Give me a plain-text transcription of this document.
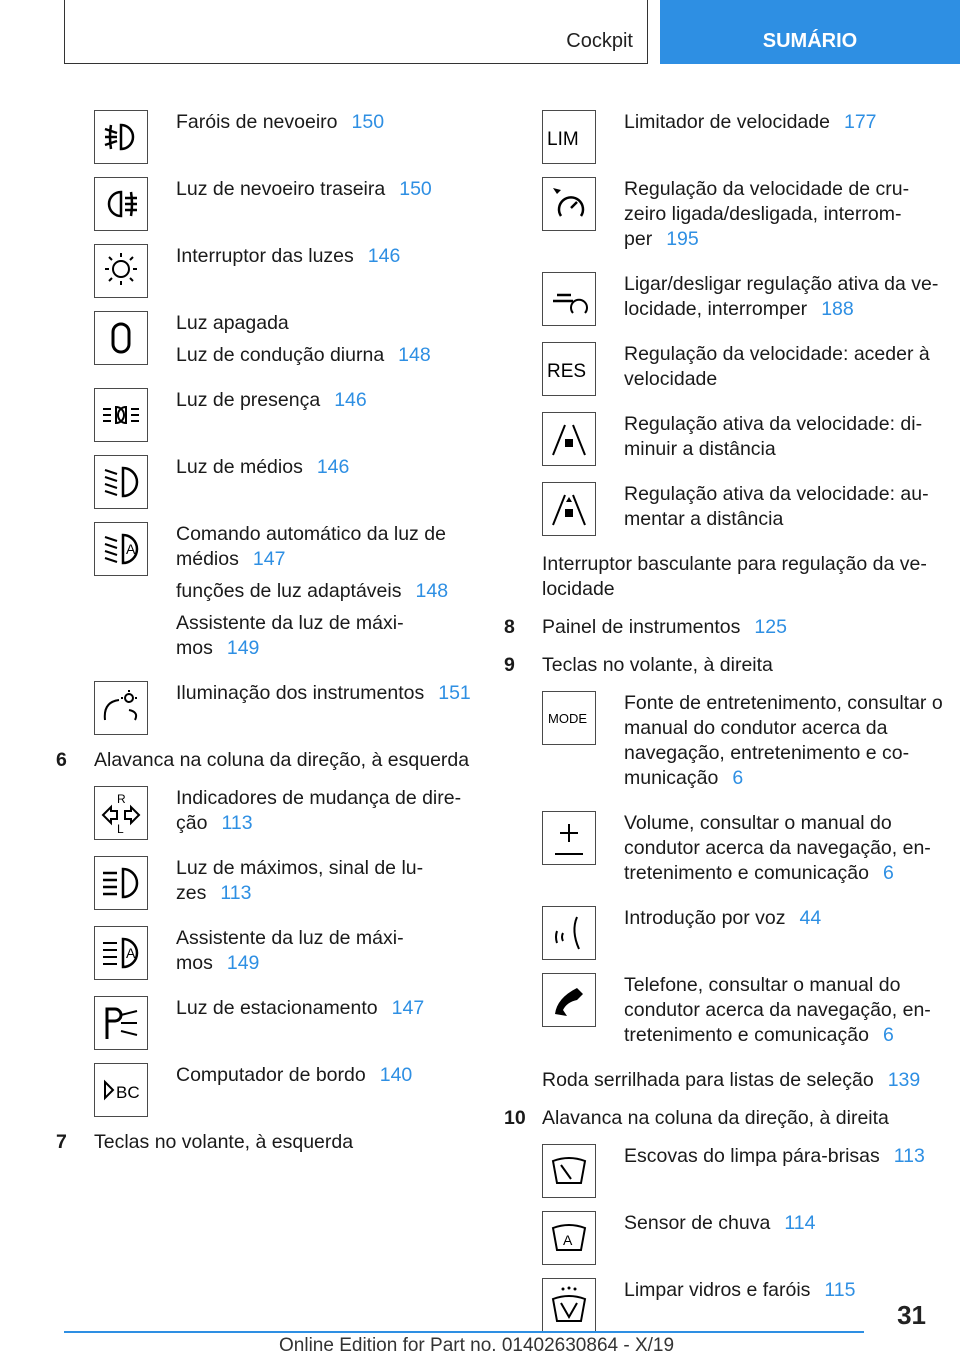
Cockpit	SUMÁRIO

Faróis de nevoeiro 150

Luz de nevoeiro traseira 150

Interruptor das luzes 146

Luz apagada

Luz de condução diurna 148

Luz de presença 146

Luz de médios 146

A

Comando automático da luz de médios 147

funções de luz adaptáveis 148

Assistente da luz de máxi-mos 149

Iluminação dos instrumentos 151

6	Alavanca na coluna da direção, à esquerda
R
L

Indicadores de mudança de dire-ção 113

Luz de máximos, sinal de lu-zes 113

A

Assistente da luz de máxi-mos 149

Luz de estacionamento 147

BC

Computador de bordo 140

7	Teclas no volante, à esquerda
LIM

Limitador de velocidade 177

Regulação da velocidade de cru-zeiro ligada/desligada, interrom-per 195

Ligar/desligar regulação ativa da ve-locidade, interromper 188

RES

Regulação da velocidade: aceder à velocidade

Regulação ativa da velocidade: di-minuir a distância

Regulação ativa da velocidade: au-mentar a distância

Interruptor basculante para regulação da ve-locidade
8	Painel de instrumentos 125
9	Teclas no volante, à direita
MODE

Fonte de entretenimento, consultar o manual do condutor acerca da navegação, entretenimento e co-municação 6

Volume, consultar o manual do condutor acerca da navegação, en-tretenimento e comunicação 6

Introdução por voz 44

Telefone, consultar o manual do condutor acerca da navegação, en-tretenimento e comunicação 6

Roda serrilhada para listas de seleção 139
10 Alavanca na coluna da direção, à direita

Escovas do limpa pára-brisas 113

A

Sensor de chuva 114

Limpar vidros e faróis 115

31
Online Edition for Part no. 01402630864 - X/19
